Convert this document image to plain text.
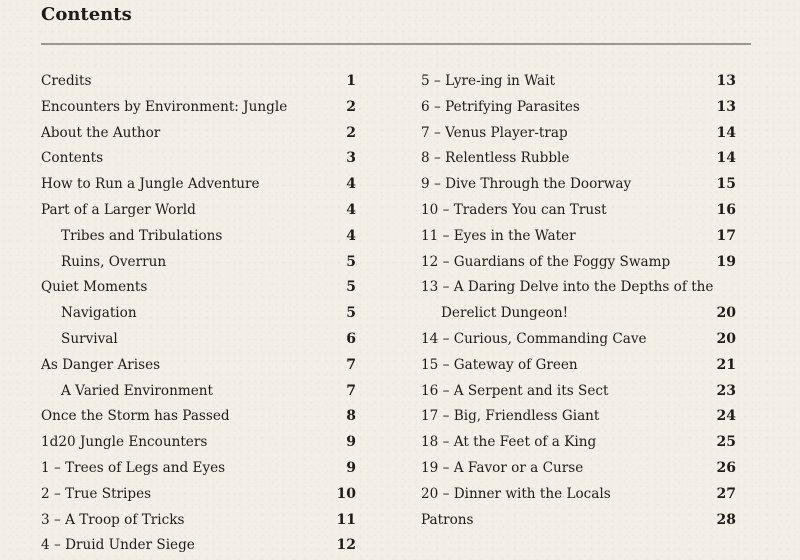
Contents
Credits	1
Encounters by Environment: Jungle	2
About the Author	2
Contents	3
How to Run a Jungle Adventure	4
Part of a Larger World	4
Tribes and Tribulations	4
Ruins, Overrun	5
Quiet Moments	5
Navigation	5
Survival	6
As Danger Arises	7
A Varied Environment	7
Once the Storm has Passed	8
1d20 Jungle Encounters	9
1 – Trees of Legs and Eyes	9
2 – True Stripes	10
3 – A Troop of Tricks	11
4 – Druid Under Siege	12
5 – Lyre-ing in Wait	13
6 – Petrifying Parasites	13
7 – Venus Player-trap	14
8 – Relentless Rubble	14
9 – Dive Through the Doorway	15
10 – Traders You can Trust	16
11 – Eyes in the Water	17
12 – Guardians of the Foggy Swamp	19
13 – A Daring Delve into the Depths of the
Derelict Dungeon!	20
14 – Curious, Commanding Cave	20
15 – Gateway of Green	21
16 – A Serpent and its Sect	23
17 – Big, Friendless Giant	24
18 – At the Feet of a King	25
19 – A Favor or a Curse	26
20 – Dinner with the Locals	27
Patrons	28
